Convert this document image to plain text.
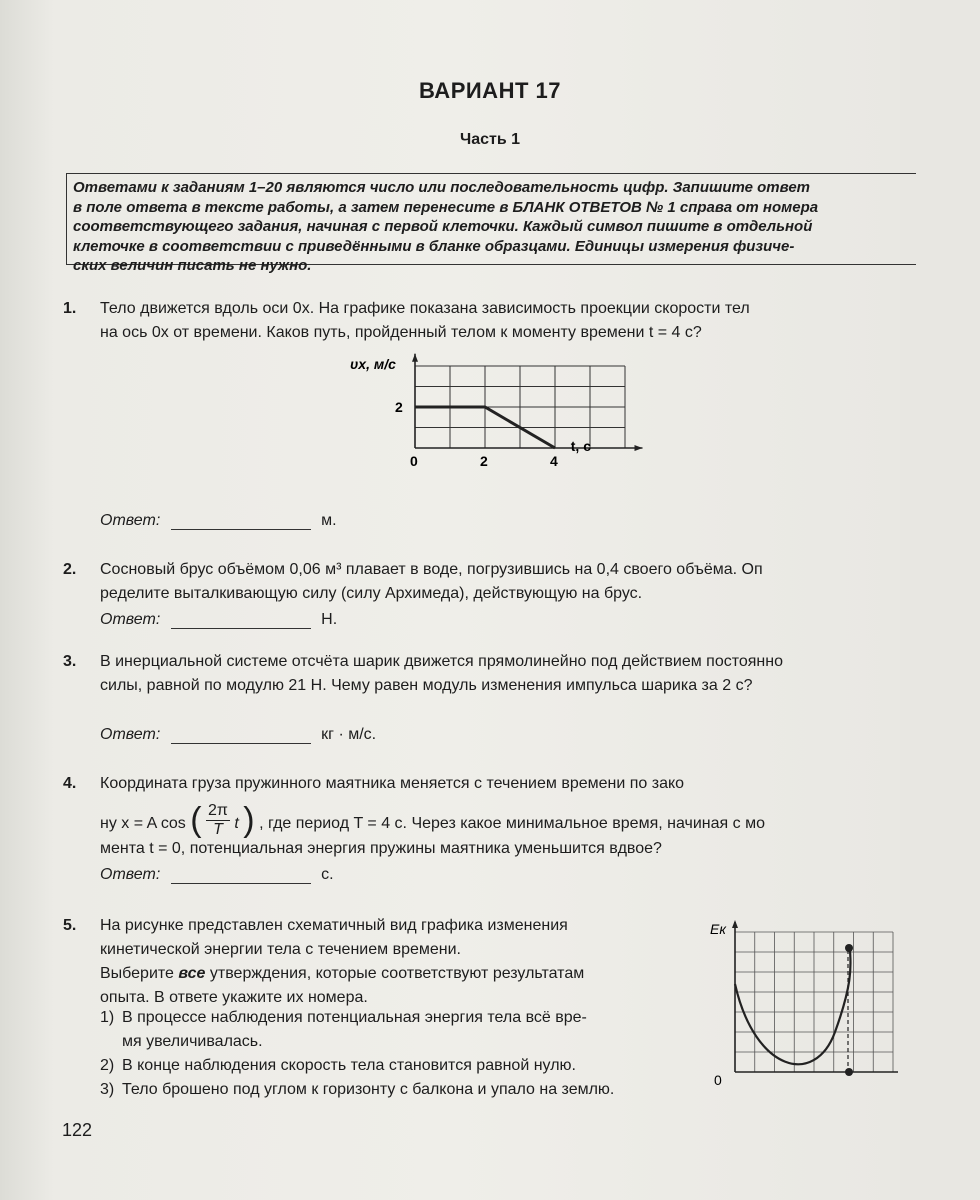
ВАРИАНТ 17
Часть 1
Ответами к заданиям 1–20 являются число или последовательность цифр. Запишите ответ
в поле ответа в тексте работы, а затем перенесите в БЛАНК ОТВЕТОВ № 1 справа от номера
соответствующего задания, начиная с первой клеточки. Каждый символ пишите в отдельной
клеточке в соответствии с приведёнными в бланке образцами. Единицы измерения физиче-
ских величин писать не нужно.
1. Тело движется вдоль оси 0x. На графике показана зависимость проекции скорости тел
на ось 0x от времени. Каков путь, пройденный телом к моменту времени t = 4 с?
υx, м/с
t, с
0	2	4
2
Ответ:	м.
2. Сосновый брус объёмом 0,06 м³ плавает в воде, погрузившись на 0,4 своего объёма. Оп
ределите выталкивающую силу (силу Архимеда), действующую на брус.
Ответ:	Н.
3. В инерциальной системе отсчёта шарик движется прямолинейно под действием постоянно
силы, равной по модулю 21 Н. Чему равен модуль изменения импульса шарика за 2 с?
Ответ:	кг · м/с.
4. Координата груза пружинного маятника меняется с течением времени по зако
ну x = A cos ( $\frac{2\pi}{T}$ t ) , где период T = 4 с. Через какое минимальное время, начиная с мо
мента t = 0, потенциальная энергия пружины маятника уменьшится вдвое?
Ответ:	с.
5. На рисунке представлен схематичный вид графика изменения
кинетической энергии тела с течением времени.
Выберите все утверждения, которые соответствуют результатам
опыта. В ответе укажите их номера.
1) В процессе наблюдения потенциальная энергия тела всё вре-
мя увеличивалась.
2) В конце наблюдения скорость тела становится равной нулю.
3) Тело брошено под углом к горизонту с балкона и упало на землю.
Eк
0
122
